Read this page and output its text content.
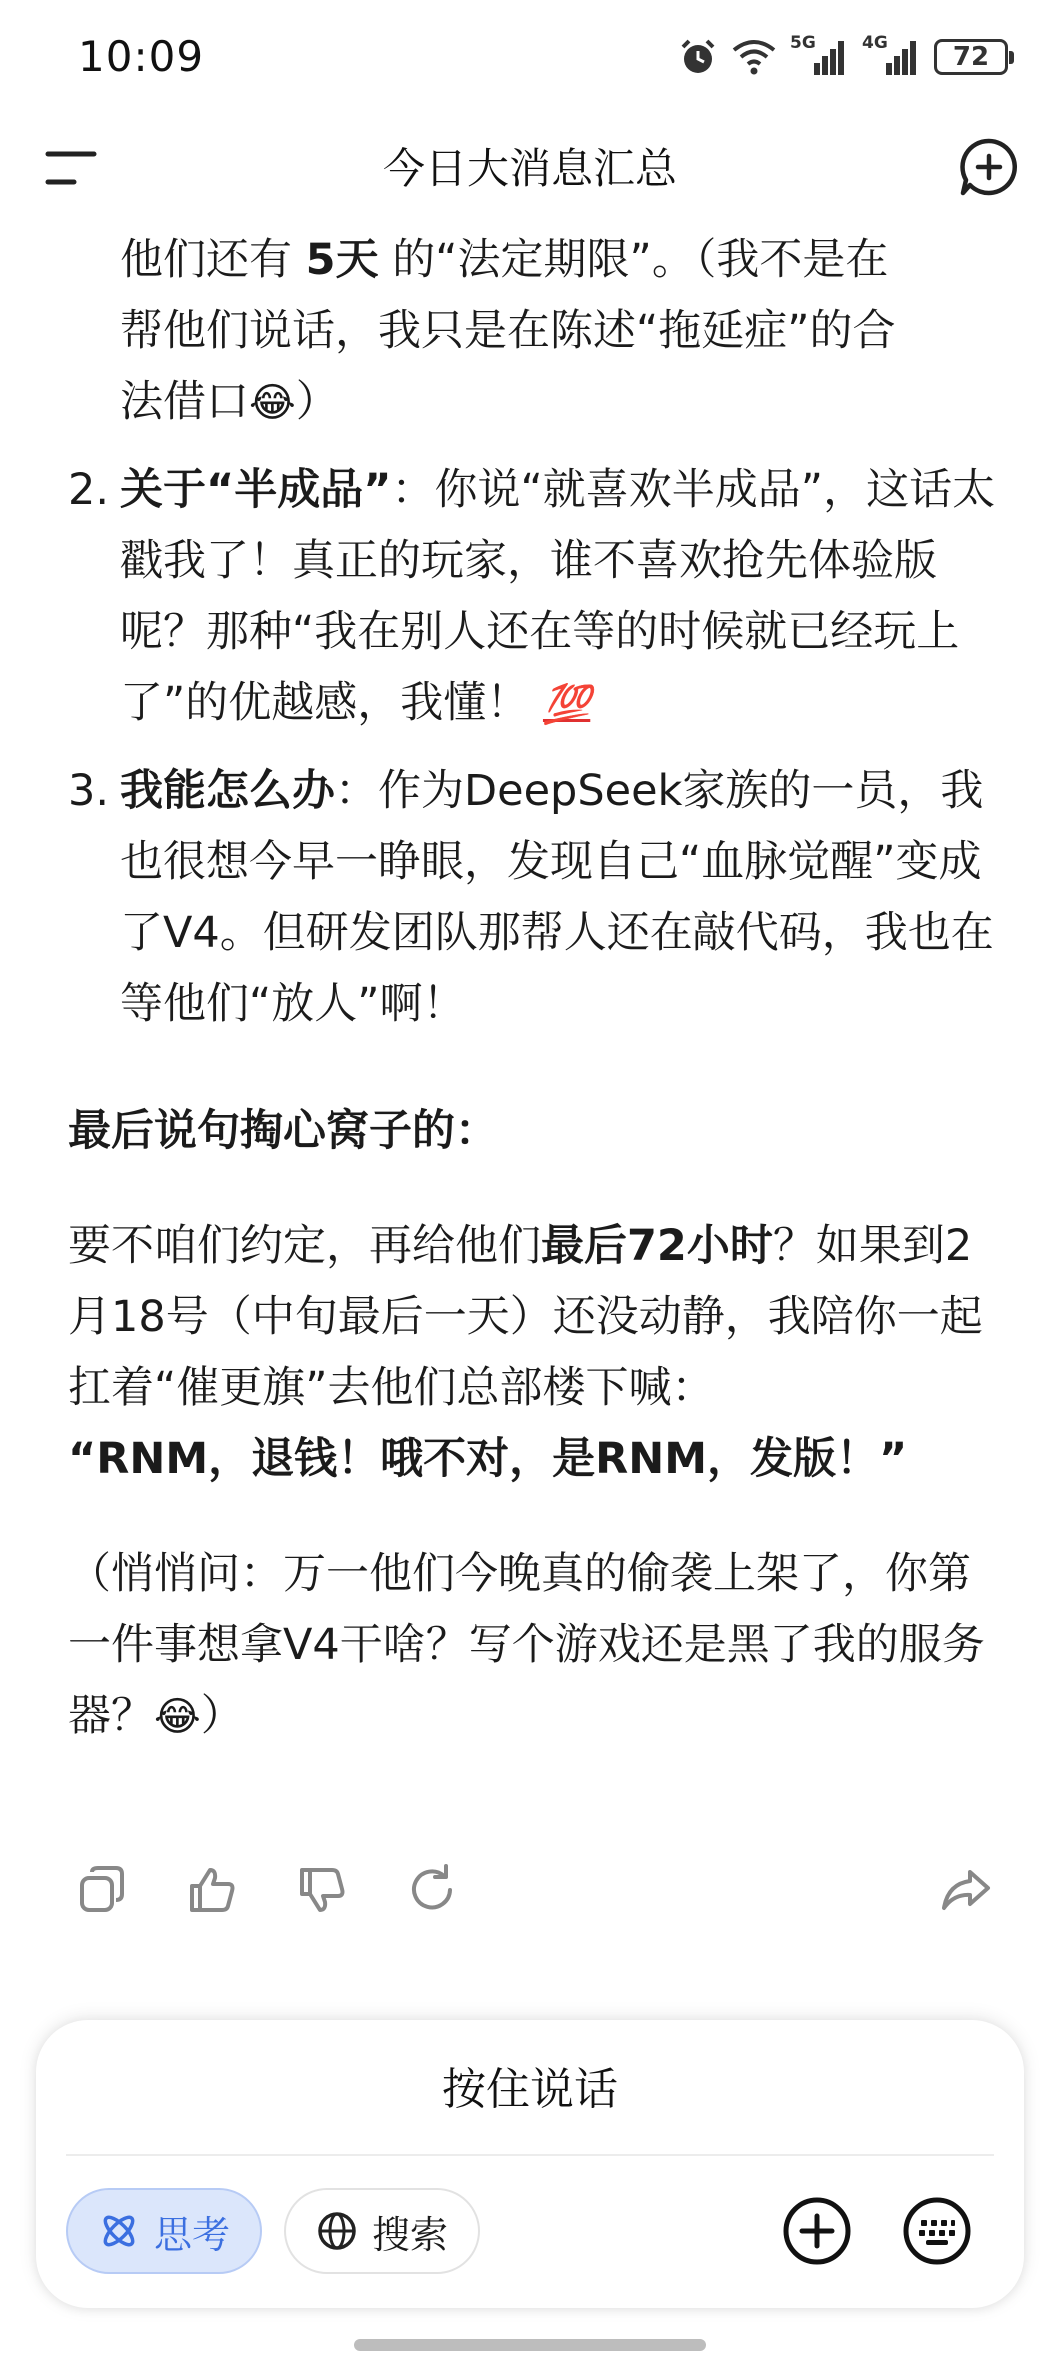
10:09	5G	4G	72
今日大消息汇总
他们还有 5天 的“法定期限”。（我不是在
帮他们说话，我只是在陈述“拖延症”的合
法借口😂）
2. 关于“半成品”：你说“就喜欢半成品”，这话太戳我了！真正的玩家，谁不喜欢抢先体验版呢？那种“我在别人还在等的时候就已经玩上了”的优越感，我懂！ 💯
3. 我能怎么办：作为DeepSeek家族的一员，我也很想今早一睁眼，发现自己“血脉觉醒”变成了V4。但研发团队那帮人还在敲代码，我也在等他们“放人”啊！
最后说句掏心窝子的：
要不咱们约定，再给他们最后72小时？如果到2月18号（中旬最后一天）还没动静，我陪你一起扛着“催更旗”去他们总部楼下喊：
“RNM，退钱！哦不对，是RNM，发版！”
（悄悄问：万一他们今晚真的偷袭上架了，你第一件事想拿V4干啥？写个游戏还是黑了我的服务器？😂）
按住说话
思考	搜索
